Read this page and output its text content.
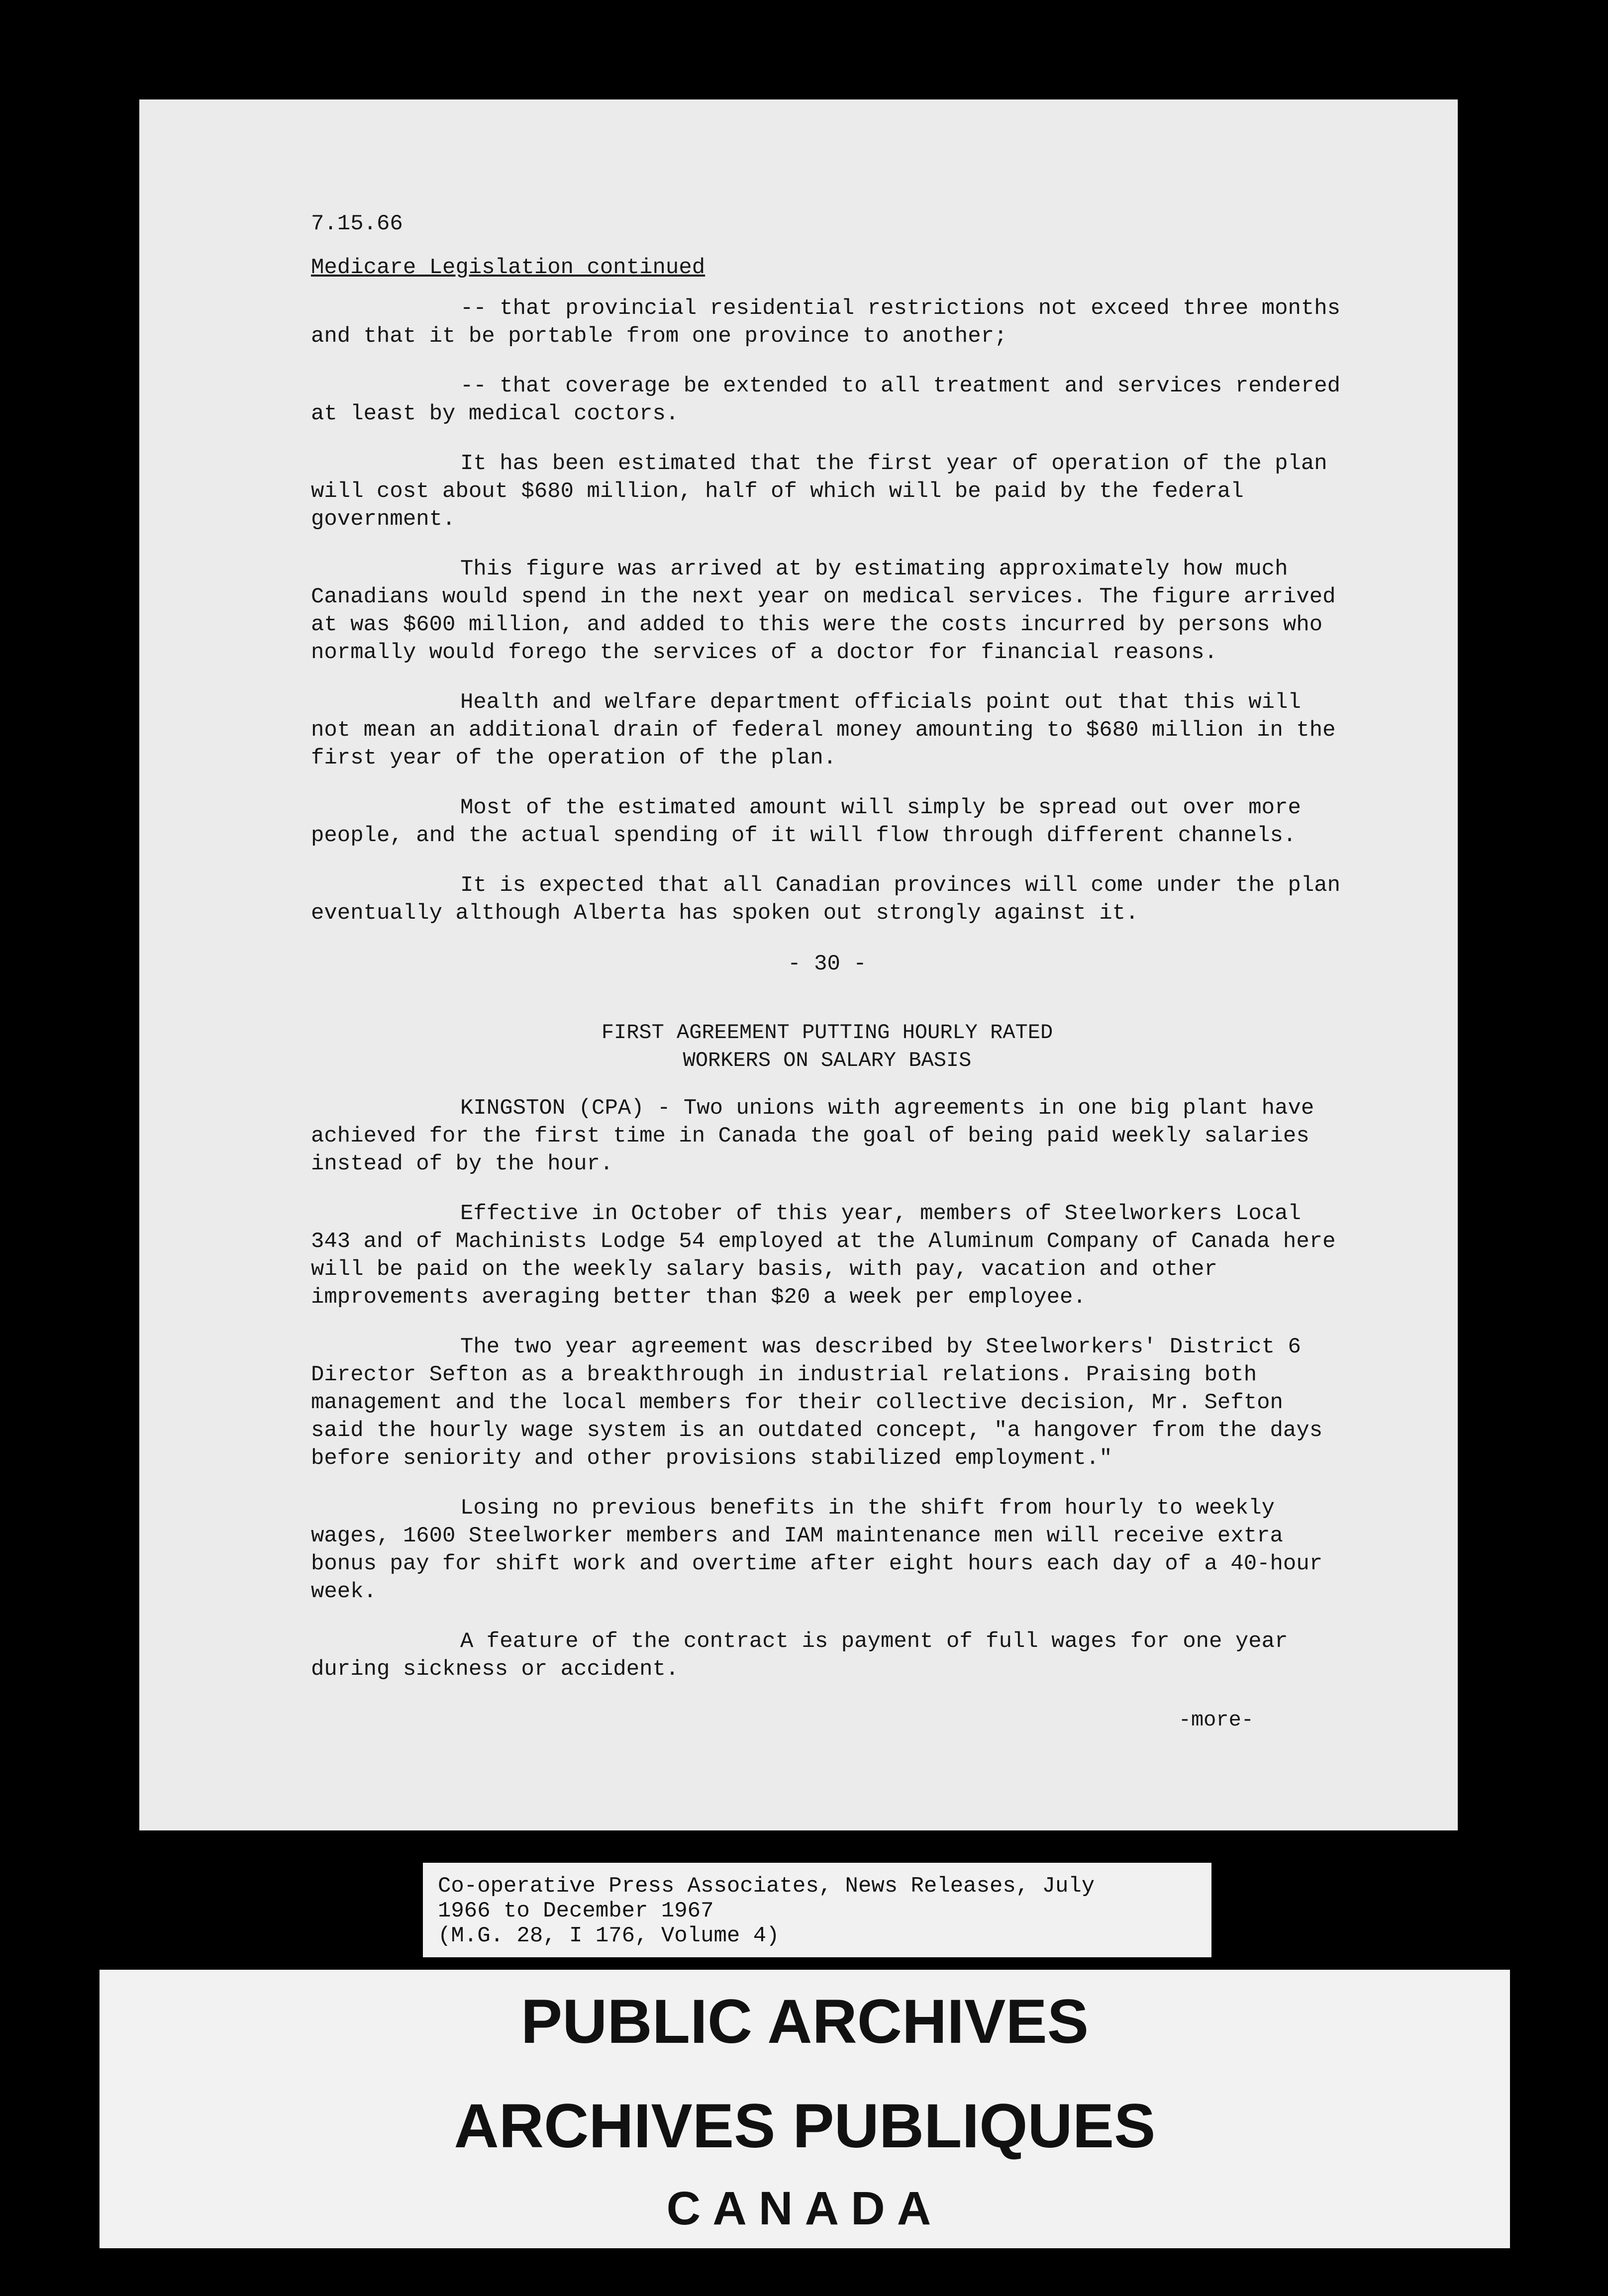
7.15.66
Medicare Legislation continued

-- that provincial residential restrictions not exceed three months and that it be portable from one province to another;

-- that coverage be extended to all treatment and services rendered at least by medical coctors.

It has been estimated that the first year of operation of the plan will cost about $680 million, half of which will be paid by the federal government.

This figure was arrived at by estimating approximately how much Canadians would spend in the next year on medical services. The figure arrived at was $600 million, and added to this were the costs incurred by persons who normally would forego the services of a doctor for financial reasons.

Health and welfare department officials point out that this will not mean an additional drain of federal money amounting to $680 million in the first year of the operation of the plan.

Most of the estimated amount will simply be spread out over more people, and the actual spending of it will flow through different channels.

It is expected that all Canadian provinces will come under the plan eventually although Alberta has spoken out strongly against it.

- 30 -
FIRST AGREEMENT PUTTING HOURLY RATED
WORKERS ON SALARY BASIS

KINGSTON (CPA) - Two unions with agreements in one big plant have achieved for the first time in Canada the goal of being paid weekly salaries instead of by the hour.

Effective in October of this year, members of Steelworkers Local 343 and of Machinists Lodge 54 employed at the Aluminum Company of Canada here will be paid on the weekly salary basis, with pay, vacation and other improvements averaging better than $20 a week per employee.

The two year agreement was described by Steelworkers' District 6 Director Sefton as a breakthrough in industrial relations. Praising both management and the local members for their collective decision, Mr. Sefton said the hourly wage system is an outdated concept, "a hangover from the days before seniority and other provisions stabilized employment."

Losing no previous benefits in the shift from hourly to weekly wages, 1600 Steelworker members and IAM maintenance men will receive extra bonus pay for shift work and overtime after eight hours each day of a 40-hour week.

A feature of the contract is payment of full wages for one year during sickness or accident.

-more-
Co-operative Press Associates, News Releases, July
1966 to December 1967
(M.G. 28, I 176, Volume 4)
PUBLIC ARCHIVES
ARCHIVES PUBLIQUES
CANADA
